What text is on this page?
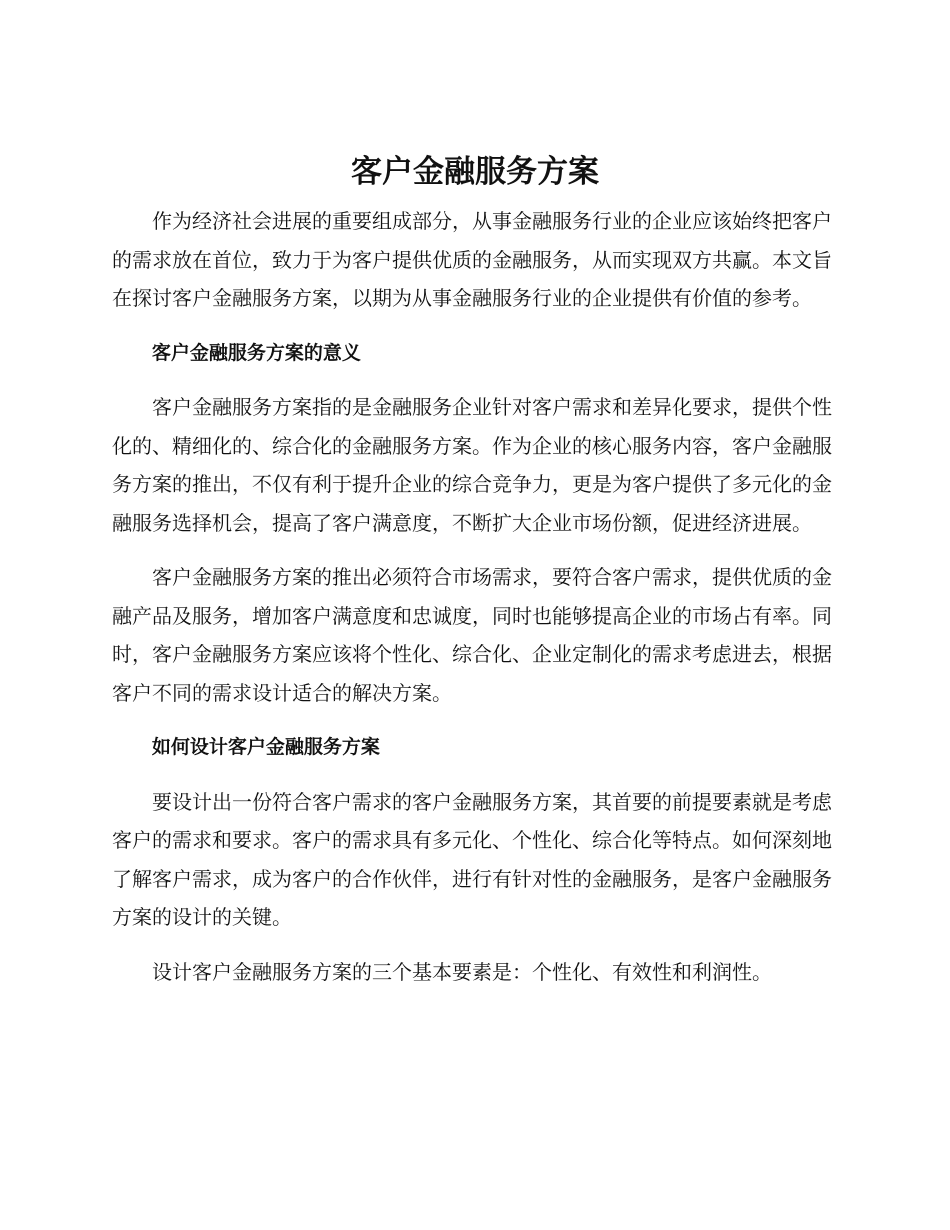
客户金融服务方案

作为经济社会进展的重要组成部分，从事金融服务行业的企业应该始终把客户的需求放在首位，致力于为客户提供优质的金融服务，从而实现双方共赢。本文旨在探讨客户金融服务方案，以期为从事金融服务行业的企业提供有价值的参考。

客户金融服务方案的意义

客户金融服务方案指的是金融服务企业针对客户需求和差异化要求，提供个性化的、精细化的、综合化的金融服务方案。作为企业的核心服务内容，客户金融服务方案的推出，不仅有利于提升企业的综合竞争力，更是为客户提供了多元化的金融服务选择机会，提高了客户满意度，不断扩大企业市场份额，促进经济进展。

客户金融服务方案的推出必须符合市场需求，要符合客户需求，提供优质的金融产品及服务，增加客户满意度和忠诚度，同时也能够提高企业的市场占有率。同时，客户金融服务方案应该将个性化、综合化、企业定制化的需求考虑进去，根据客户不同的需求设计适合的解决方案。

如何设计客户金融服务方案

要设计出一份符合客户需求的客户金融服务方案，其首要的前提要素就是考虑客户的需求和要求。客户的需求具有多元化、个性化、综合化等特点。如何深刻地了解客户需求，成为客户的合作伙伴，进行有针对性的金融服务，是客户金融服务方案的设计的关键。

设计客户金融服务方案的三个基本要素是：个性化、有效性和利润性。
